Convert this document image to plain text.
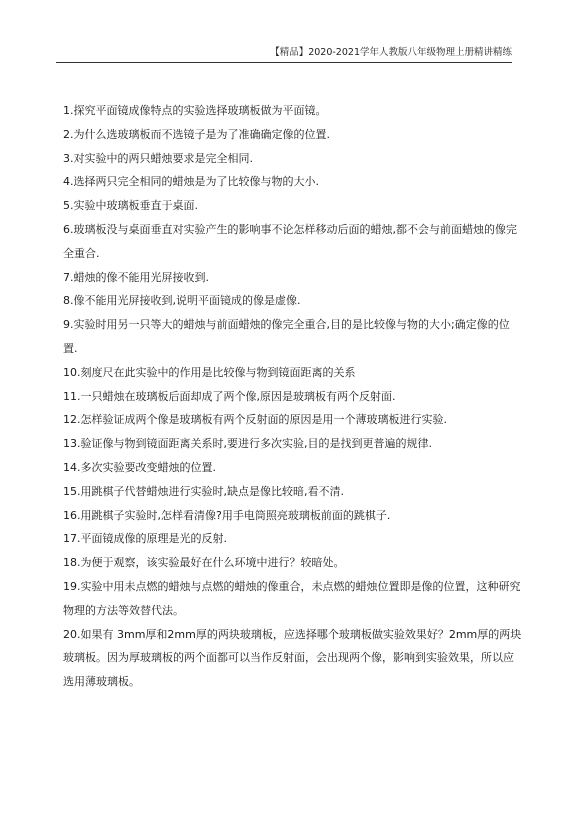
【精品】2020-2021学年人教版八年级物理上册精讲精练

1.探究平面镜成像特点的实验选择玻璃板做为平面镜。

2.为什么选玻璃板而不选镜子是为了准确确定像的位置.

3.对实验中的两只蜡烛要求是完全相同.

4.选择两只完全相同的蜡烛是为了比较像与物的大小.

5.实验中玻璃板垂直于桌面.

6.玻璃板没与桌面垂直对实验产生的影响事不论怎样移动后面的蜡烛,都不会与前面蜡烛的像完全重合.

7.蜡烛的像不能用光屏接收到.

8.像不能用光屏接收到,说明平面镜成的像是虚像.

9.实验时用另一只等大的蜡烛与前面蜡烛的像完全重合,目的是比较像与物的大小;确定像的位置.

10.刻度尺在此实验中的作用是比较像与物到镜面距离的关系

11.一只蜡烛在玻璃板后面却成了两个像,原因是玻璃板有两个反射面.

12.怎样验证成两个像是玻璃板有两个反射面的原因是用一个薄玻璃板进行实验.

13.验证像与物到镜面距离关系时,要进行多次实验,目的是找到更普遍的规律.

14.多次实验要改变蜡烛的位置.

15.用跳棋子代替蜡烛进行实验时,缺点是像比较暗,看不清.

16.用跳棋子实验时,怎样看清像?用手电筒照亮玻璃板前面的跳棋子.

17.平面镜成像的原理是光的反射.

18.为便于观察，该实验最好在什么环境中进行？较暗处。

19.实验中用未点燃的蜡烛与点燃的蜡烛的像重合，未点燃的蜡烛位置即是像的位置，这种研究物理的方法等效替代法。

20.如果有 3mm厚和2mm厚的两块玻璃板，应选择哪个玻璃板做实验效果好？2mm厚的两块玻璃板。因为厚玻璃板的两个面都可以当作反射面，会出现两个像，影响到实验效果，所以应选用薄玻璃板。
